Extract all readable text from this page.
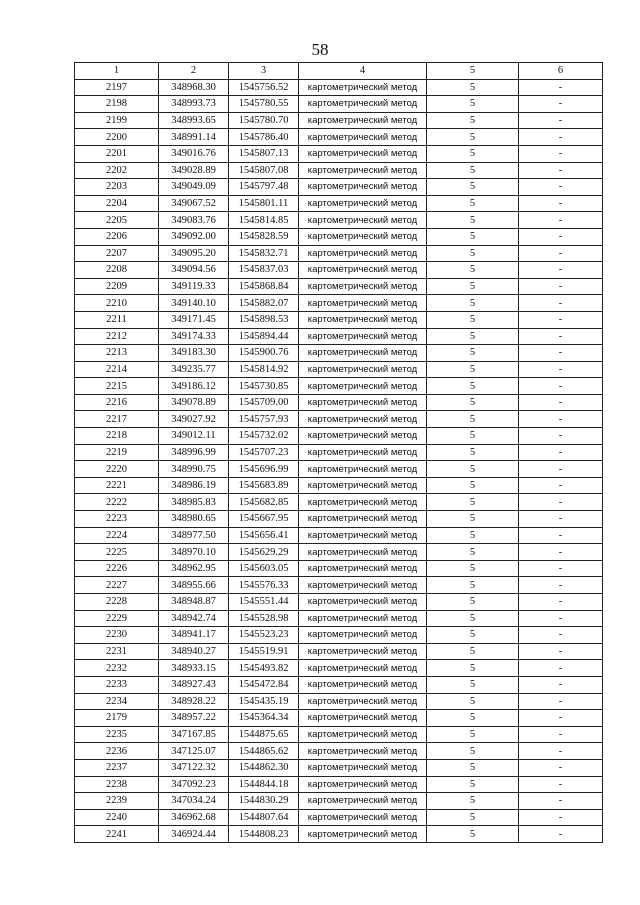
58
1	2	3	4	5	6
2197	348968.30	1545756.52	картометрический метод	5	-
2198	348993.73	1545780.55	картометрический метод	5	-
2199	348993.65	1545780.70	картометрический метод	5	-
2200	348991.14	1545786.40	картометрический метод	5	-
2201	349016.76	1545807.13	картометрический метод	5	-
2202	349028.89	1545807.08	картометрический метод	5	-
2203	349049.09	1545797.48	картометрический метод	5	-
2204	349067.52	1545801.11	картометрический метод	5	-
2205	349083.76	1545814.85	картометрический метод	5	-
2206	349092.00	1545828.59	картометрический метод	5	-
2207	349095.20	1545832.71	картометрический метод	5	-
2208	349094.56	1545837.03	картометрический метод	5	-
2209	349119.33	1545868.84	картометрический метод	5	-
2210	349140.10	1545882.07	картометрический метод	5	-
2211	349171.45	1545898.53	картометрический метод	5	-
2212	349174.33	1545894.44	картометрический метод	5	-
2213	349183.30	1545900.76	картометрический метод	5	-
2214	349235.77	1545814.92	картометрический метод	5	-
2215	349186.12	1545730.85	картометрический метод	5	-
2216	349078.89	1545709.00	картометрический метод	5	-
2217	349027.92	1545757.93	картометрический метод	5	-
2218	349012.11	1545732.02	картометрический метод	5	-
2219	348996.99	1545707.23	картометрический метод	5	-
2220	348990.75	1545696.99	картометрический метод	5	-
2221	348986.19	1545683.89	картометрический метод	5	-
2222	348985.83	1545682.85	картометрический метод	5	-
2223	348980.65	1545667.95	картометрический метод	5	-
2224	348977.50	1545656.41	картометрический метод	5	-
2225	348970.10	1545629.29	картометрический метод	5	-
2226	348962.95	1545603.05	картометрический метод	5	-
2227	348955.66	1545576.33	картометрический метод	5	-
2228	348948.87	1545551.44	картометрический метод	5	-
2229	348942.74	1545528.98	картометрический метод	5	-
2230	348941.17	1545523.23	картометрический метод	5	-
2231	348940.27	1545519.91	картометрический метод	5	-
2232	348933.15	1545493.82	картометрический метод	5	-
2233	348927.43	1545472.84	картометрический метод	5	-
2234	348928.22	1545435.19	картометрический метод	5	-
2179	348957.22	1545364.34	картометрический метод	5	-
2235	347167.85	1544875.65	картометрический метод	5	-
2236	347125.07	1544865.62	картометрический метод	5	-
2237	347122.32	1544862.30	картометрический метод	5	-
2238	347092.23	1544844.18	картометрический метод	5	-
2239	347034.24	1544830.29	картометрический метод	5	-
2240	346962.68	1544807.64	картометрический метод	5	-
2241	346924.44	1544808.23	картометрический метод	5	-
